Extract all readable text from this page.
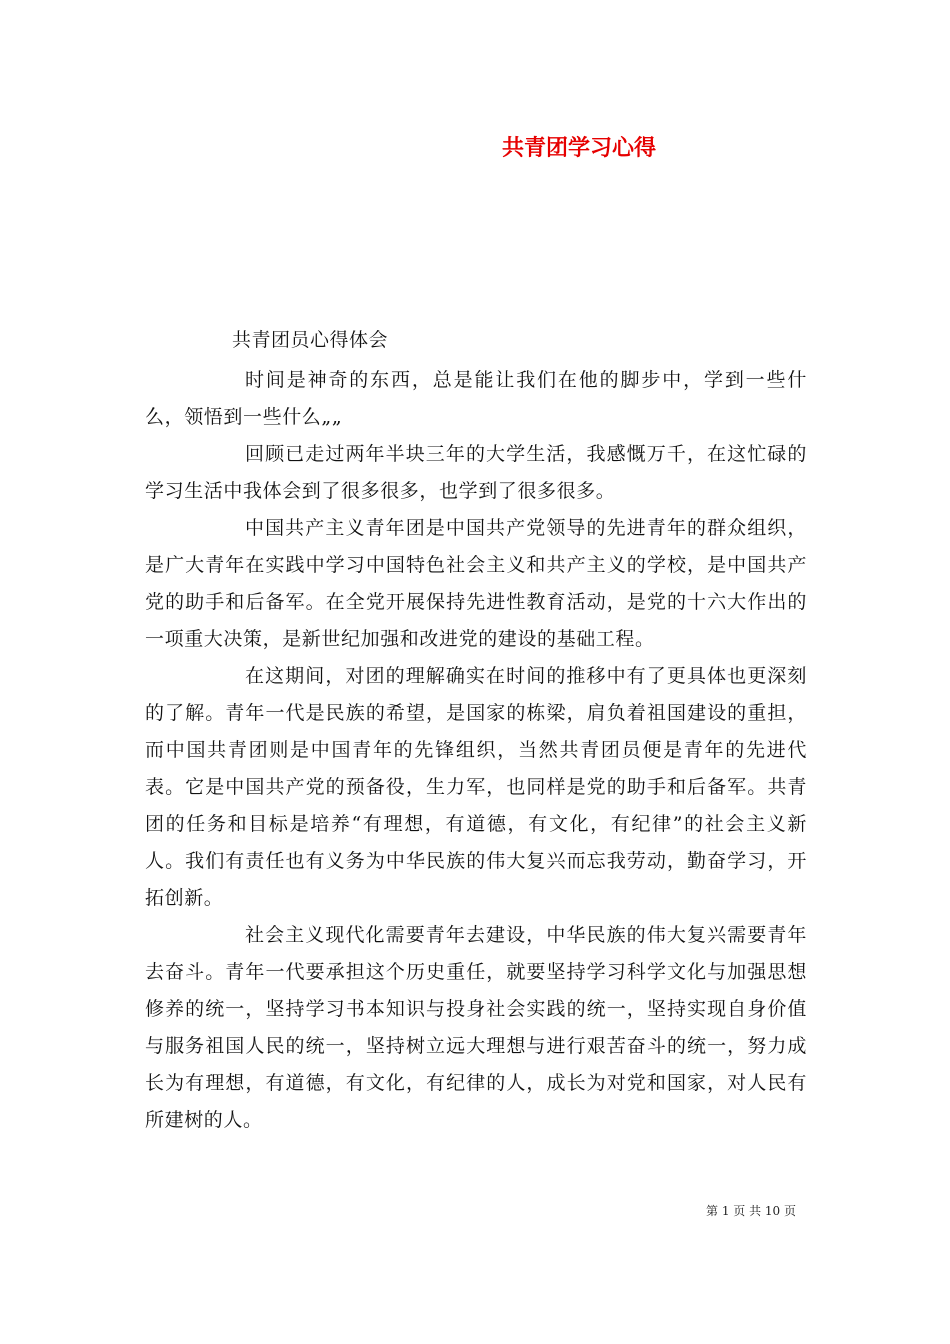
共青团学习心得
共青团员心得体会

时间是神奇的东西，总是能让我们在他的脚步中，学到一些什么，领悟到一些什么„„

回顾已走过两年半块三年的大学生活，我感慨万千，在这忙碌的学习生活中我体会到了很多很多，也学到了很多很多。

中国共产主义青年团是中国共产党领导的先进青年的群众组织，是广大青年在实践中学习中国特色社会主义和共产主义的学校，是中国共产党的助手和后备军。在全党开展保持先进性教育活动，是党的十六大作出的一项重大决策，是新世纪加强和改进党的建设的基础工程。

在这期间，对团的理解确实在时间的推移中有了更具体也更深刻的了解。青年一代是民族的希望，是国家的栋梁，肩负着祖国建设的重担，而中国共青团则是中国青年的先锋组织，当然共青团员便是青年的先进代表。它是中国共产党的预备役，生力军，也同样是党的助手和后备军。共青团的任务和目标是培养“有理想，有道德，有文化，有纪律”的社会主义新人。我们有责任也有义务为中华民族的伟大复兴而忘我劳动，勤奋学习，开拓创新。

社会主义现代化需要青年去建设，中华民族的伟大复兴需要青年去奋斗。青年一代要承担这个历史重任，就要坚持学习科学文化与加强思想修养的统一，坚持学习书本知识与投身社会实践的统一，坚持实现自身价值与服务祖国人民的统一，坚持树立远大理想与进行艰苦奋斗的统一，努力成长为有理想，有道德，有文化，有纪律的人，成长为对党和国家，对人民有所建树的人。

第 1 页 共 10 页
